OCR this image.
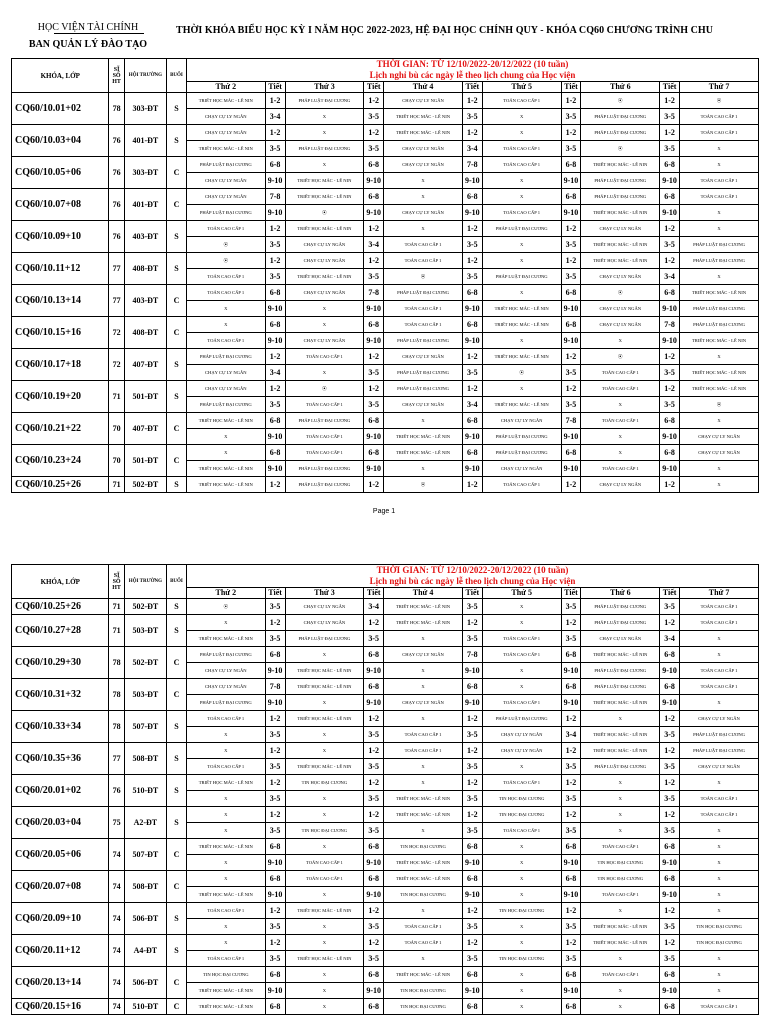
HỌC VIỆN TÀI CHÍNH
BAN QUẢN LÝ ĐÀO TẠO
THỜI KHÓA BIỂU HỌC KỲ I NĂM HỌC 2022-2023, HỆ ĐẠI HỌC CHÍNH QUY - KHÓA CQ60 CHƯƠNG TRÌNH CHU
KHÓA, LỚP	SĨ SỐ HT	HỘI TRƯỜNG	BUỔI	THỜI GIAN: TỪ 12/10/2022-20/12/2022 (10 tuần)										
				Lịch nghỉ bù các ngày lễ theo lịch chung của Học viện										
				Thứ 2	Tiết	Thứ 3	Tiết	Thứ 4	Tiết	Thứ 5	Tiết	Thứ 6	Tiết	Thứ 7
CQ60/10.01+02	78	303-ĐT	S	TRIẾT HỌC MÁC - LÊ NIN	1-2	PHÁP LUẬT ĐẠI CƯƠNG	1-2	CHẠY CỰ LY NGẮN	1-2	TOÁN CAO CẤP 1	1-2	⦿	1-2	⦿
				CHẠY CỰ LY NGẮN	3-4	X	3-5	TRIẾT HỌC MÁC - LÊ NIN	3-5	X	3-5	PHÁP LUẬT ĐẠI CƯƠNG	3-5	TOÁN CAO CẤP 1
CQ60/10.03+04	76	401-ĐT	S	CHẠY CỰ LY NGẮN	1-2	X	1-2	TRIẾT HỌC MÁC - LÊ NIN	1-2	X	1-2	PHÁP LUẬT ĐẠI CƯƠNG	1-2	TOÁN CAO CẤP 1
				TRIẾT HỌC MÁC - LÊ NIN	3-5	PHÁP LUẬT ĐẠI CƯƠNG	3-5	CHẠY CỰ LY NGẮN	3-4	TOÁN CAO CẤP 1	3-5	⦿	3-5	X
CQ60/10.05+06	76	303-ĐT	C	PHÁP LUẬT ĐẠI CƯƠNG	6-8	X	6-8	CHẠY CỰ LY NGẮN	7-8	TOÁN CAO CẤP 1	6-8	TRIẾT HỌC MÁC - LÊ NIN	6-8	X
				CHẠY CỰ LY NGẮN	9-10	TRIẾT HỌC MÁC - LÊ NIN	9-10	X	9-10	X	9-10	PHÁP LUẬT ĐẠI CƯƠNG	9-10	TOÁN CAO CẤP 1
CQ60/10.07+08	76	401-ĐT	C	CHẠY CỰ LY NGẮN	7-8	TRIẾT HỌC MÁC - LÊ NIN	6-8	X	6-8	X	6-8	PHÁP LUẬT ĐẠI CƯƠNG	6-8	TOÁN CAO CẤP 1
				PHÁP LUẬT ĐẠI CƯƠNG	9-10	⦿	9-10	CHẠY CỰ LY NGẮN	9-10	TOÁN CAO CẤP 1	9-10	TRIẾT HỌC MÁC - LÊ NIN	9-10	X
CQ60/10.09+10	76	403-ĐT	S	TOÁN CAO CẤP 1	1-2	TRIẾT HỌC MÁC - LÊ NIN	1-2	X	1-2	PHÁP LUẬT ĐẠI CƯƠNG	1-2	CHẠY CỰ LY NGẮN	1-2	X
				⦿	3-5	CHẠY CỰ LY NGẮN	3-4	TOÁN CAO CẤP 1	3-5	X	3-5	TRIẾT HỌC MÁC - LÊ NIN	3-5	PHÁP LUẬT ĐẠI CƯƠNG
CQ60/10.11+12	77	408-ĐT	S	⦿	1-2	CHẠY CỰ LY NGẮN	1-2	TOÁN CAO CẤP 1	1-2	X	1-2	TRIẾT HỌC MÁC - LÊ NIN	1-2	PHÁP LUẬT ĐẠI CƯƠNG
				TOÁN CAO CẤP 1	3-5	TRIẾT HỌC MÁC - LÊ NIN	3-5	⦿	3-5	PHÁP LUẬT ĐẠI CƯƠNG	3-5	CHẠY CỰ LY NGẮN	3-4	X
CQ60/10.13+14	77	403-ĐT	C	TOÁN CAO CẤP 1	6-8	CHẠY CỰ LY NGẮN	7-8	PHÁP LUẬT ĐẠI CƯƠNG	6-8	X	6-8	⦿	6-8	TRIẾT HỌC MÁC - LÊ NIN
				X	9-10	X	9-10	TOÁN CAO CẤP 1	9-10	TRIẾT HỌC MÁC - LÊ NIN	9-10	CHẠY CỰ LY NGẮN	9-10	PHÁP LUẬT ĐẠI CƯƠNG
CQ60/10.15+16	72	408-ĐT	C	X	6-8	X	6-8	TOÁN CAO CẤP 1	6-8	TRIẾT HỌC MÁC - LÊ NIN	6-8	CHẠY CỰ LY NGẮN	7-8	PHÁP LUẬT ĐẠI CƯƠNG
				TOÁN CAO CẤP 1	9-10	CHẠY CỰ LY NGẮN	9-10	PHÁP LUẬT ĐẠI CƯƠNG	9-10	X	9-10	X	9-10	TRIẾT HỌC MÁC - LÊ NIN
CQ60/10.17+18	72	407-ĐT	S	PHÁP LUẬT ĐẠI CƯƠNG	1-2	TOÁN CAO CẤP 1	1-2	CHẠY CỰ LY NGẮN	1-2	TRIẾT HỌC MÁC - LÊ NIN	1-2	⦿	1-2	X
				CHẠY CỰ LY NGẮN	3-4	X	3-5	PHÁP LUẬT ĐẠI CƯƠNG	3-5	⦿	3-5	TOÁN CAO CẤP 1	3-5	TRIẾT HỌC MÁC - LÊ NIN
CQ60/10.19+20	71	501-ĐT	S	CHẠY CỰ LY NGẮN	1-2	⦿	1-2	PHÁP LUẬT ĐẠI CƯƠNG	1-2	X	1-2	TOÁN CAO CẤP 1	1-2	TRIẾT HỌC MÁC - LÊ NIN
				PHÁP LUẬT ĐẠI CƯƠNG	3-5	TOÁN CAO CẤP 1	3-5	CHẠY CỰ LY NGẮN	3-4	TRIẾT HỌC MÁC - LÊ NIN	3-5	X	3-5	⦿
CQ60/10.21+22	70	407-ĐT	C	TRIẾT HỌC MÁC - LÊ NIN	6-8	PHÁP LUẬT ĐẠI CƯƠNG	6-8	X	6-8	CHẠY CỰ LY NGẮN	7-8	TOÁN CAO CẤP 1	6-8	X
				X	9-10	TOÁN CAO CẤP 1	9-10	TRIẾT HỌC MÁC - LÊ NIN	9-10	PHÁP LUẬT ĐẠI CƯƠNG	9-10	X	9-10	CHẠY CỰ LY NGẮN
CQ60/10.23+24	70	501-ĐT	C	X	6-8	TOÁN CAO CẤP 1	6-8	TRIẾT HỌC MÁC - LÊ NIN	6-8	PHÁP LUẬT ĐẠI CƯƠNG	6-8	X	6-8	CHẠY CỰ LY NGẮN
				TRIẾT HỌC MÁC - LÊ NIN	9-10	PHÁP LUẬT ĐẠI CƯƠNG	9-10	X	9-10	CHẠY CỰ LY NGẮN	9-10	TOÁN CAO CẤP 1	9-10	X
CQ60/10.25+26	71	502-ĐT	S	TRIẾT HỌC MÁC - LÊ NIN	1-2	PHÁP LUẬT ĐẠI CƯƠNG	1-2	⦿	1-2	TOÁN CAO CẤP 1	1-2	CHẠY CỰ LY NGẮN	1-2	X
Page 1
KHÓA, LỚP	SĨ SỐ HT	HỘI TRƯỜNG	BUỔI	THỜI GIAN: TỪ 12/10/2022-20/12/2022 (10 tuần)										
				Lịch nghỉ bù các ngày lễ theo lịch chung của Học viện										
				Thứ 2	Tiết	Thứ 3	Tiết	Thứ 4	Tiết	Thứ 5	Tiết	Thứ 6	Tiết	Thứ 7
CQ60/10.25+26	71	502-ĐT	S	⦿	3-5	CHẠY CỰ LY NGẮN	3-4	TRIẾT HỌC MÁC - LÊ NIN	3-5	X	3-5	PHÁP LUẬT ĐẠI CƯƠNG	3-5	TOÁN CAO CẤP 1
CQ60/10.27+28	71	503-ĐT	S	X	1-2	CHẠY CỰ LY NGẮN	1-2	TRIẾT HỌC MÁC - LÊ NIN	1-2	X	1-2	PHÁP LUẬT ĐẠI CƯƠNG	1-2	TOÁN CAO CẤP 1
				TRIẾT HỌC MÁC - LÊ NIN	3-5	PHÁP LUẬT ĐẠI CƯƠNG	3-5	X	3-5	TOÁN CAO CẤP 1	3-5	CHẠY CỰ LY NGẮN	3-4	X
CQ60/10.29+30	78	502-ĐT	C	PHÁP LUẬT ĐẠI CƯƠNG	6-8	X	6-8	CHẠY CỰ LY NGẮN	7-8	TOÁN CAO CẤP 1	6-8	TRIẾT HỌC MÁC - LÊ NIN	6-8	X
				CHẠY CỰ LY NGẮN	9-10	TRIẾT HỌC MÁC - LÊ NIN	9-10	X	9-10	X	9-10	PHÁP LUẬT ĐẠI CƯƠNG	9-10	TOÁN CAO CẤP 1
CQ60/10.31+32	78	503-ĐT	C	CHẠY CỰ LY NGẮN	7-8	TRIẾT HỌC MÁC - LÊ NIN	6-8	X	6-8	X	6-8	PHÁP LUẬT ĐẠI CƯƠNG	6-8	TOÁN CAO CẤP 1
				PHÁP LUẬT ĐẠI CƯƠNG	9-10	X	9-10	CHẠY CỰ LY NGẮN	9-10	TOÁN CAO CẤP 1	9-10	TRIẾT HỌC MÁC - LÊ NIN	9-10	X
CQ60/10.33+34	78	507-ĐT	S	TOÁN CAO CẤP 1	1-2	TRIẾT HỌC MÁC - LÊ NIN	1-2	X	1-2	PHÁP LUẬT ĐẠI CƯƠNG	1-2	X	1-2	CHẠY CỰ LY NGẮN
				X	3-5	X	3-5	TOÁN CAO CẤP 1	3-5	CHẠY CỰ LY NGẮN	3-4	TRIẾT HỌC MÁC - LÊ NIN	3-5	PHÁP LUẬT ĐẠI CƯƠNG
CQ60/10.35+36	77	508-ĐT	S	X	1-2	X	1-2	TOÁN CAO CẤP 1	1-2	CHẠY CỰ LY NGẮN	1-2	TRIẾT HỌC MÁC - LÊ NIN	1-2	PHÁP LUẬT ĐẠI CƯƠNG
				TOÁN CAO CẤP 1	3-5	TRIẾT HỌC MÁC - LÊ NIN	3-5	X	3-5	X	3-5	PHÁP LUẬT ĐẠI CƯƠNG	3-5	CHẠY CỰ LY NGẮN
CQ60/20.01+02	76	510-ĐT	S	TRIẾT HỌC MÁC - LÊ NIN	1-2	TIN HỌC ĐẠI CƯƠNG	1-2	X	1-2	TOÁN CAO CẤP 1	1-2	X	1-2	X
				X	3-5	X	3-5	TRIẾT HỌC MÁC - LÊ NIN	3-5	TIN HỌC ĐẠI CƯƠNG	3-5	X	3-5	TOÁN CAO CẤP 1
CQ60/20.03+04	75	A2-ĐT	S	X	1-2	X	1-2	TRIẾT HỌC MÁC - LÊ NIN	1-2	TIN HỌC ĐẠI CƯƠNG	1-2	X	1-2	TOÁN CAO CẤP 1
				X	3-5	TIN HỌC ĐẠI CƯƠNG	3-5	X	3-5	TOÁN CAO CẤP 1	3-5	X	3-5	X
CQ60/20.05+06	74	507-ĐT	C	TRIẾT HỌC MÁC - LÊ NIN	6-8	X	6-8	TIN HỌC ĐẠI CƯƠNG	6-8	X	6-8	TOÁN CAO CẤP 1	6-8	X
				X	9-10	TOÁN CAO CẤP 1	9-10	TRIẾT HỌC MÁC - LÊ NIN	9-10	X	9-10	TIN HỌC ĐẠI CƯƠNG	9-10	X
CQ60/20.07+08	74	508-ĐT	C	X	6-8	TOÁN CAO CẤP 1	6-8	TRIẾT HỌC MÁC - LÊ NIN	6-8	X	6-8	TIN HỌC ĐẠI CƯƠNG	6-8	X
				TRIẾT HỌC MÁC - LÊ NIN	9-10	X	9-10	TIN HỌC ĐẠI CƯƠNG	9-10	X	9-10	TOÁN CAO CẤP 1	9-10	X
CQ60/20.09+10	74	506-ĐT	S	TOÁN CAO CẤP 1	1-2	TRIẾT HỌC MÁC - LÊ NIN	1-2	X	1-2	TIN HỌC ĐẠI CƯƠNG	1-2	X	1-2	X
				X	3-5	X	3-5	TOÁN CAO CẤP 1	3-5	X	3-5	TRIẾT HỌC MÁC - LÊ NIN	3-5	TIN HỌC ĐẠI CƯƠNG
CQ60/20.11+12	74	A4-ĐT	S	X	1-2	X	1-2	TOÁN CAO CẤP 1	1-2	X	1-2	TRIẾT HỌC MÁC - LÊ NIN	1-2	TIN HỌC ĐẠI CƯƠNG
				TOÁN CAO CẤP 1	3-5	TRIẾT HỌC MÁC - LÊ NIN	3-5	X	3-5	TIN HỌC ĐẠI CƯƠNG	3-5	X	3-5	X
CQ60/20.13+14	74	506-ĐT	C	TIN HỌC ĐẠI CƯƠNG	6-8	X	6-8	TRIẾT HỌC MÁC - LÊ NIN	6-8	X	6-8	TOÁN CAO CẤP 1	6-8	X
				TRIẾT HỌC MÁC - LÊ NIN	9-10	X	9-10	TIN HỌC ĐẠI CƯƠNG	9-10	X	9-10	X	9-10	X
CQ60/20.15+16	74	510-ĐT	C	TRIẾT HỌC MÁC - LÊ NIN	6-8	X	6-8	TIN HỌC ĐẠI CƯƠNG	6-8	X	6-8	X	6-8	TOÁN CAO CẤP 1
